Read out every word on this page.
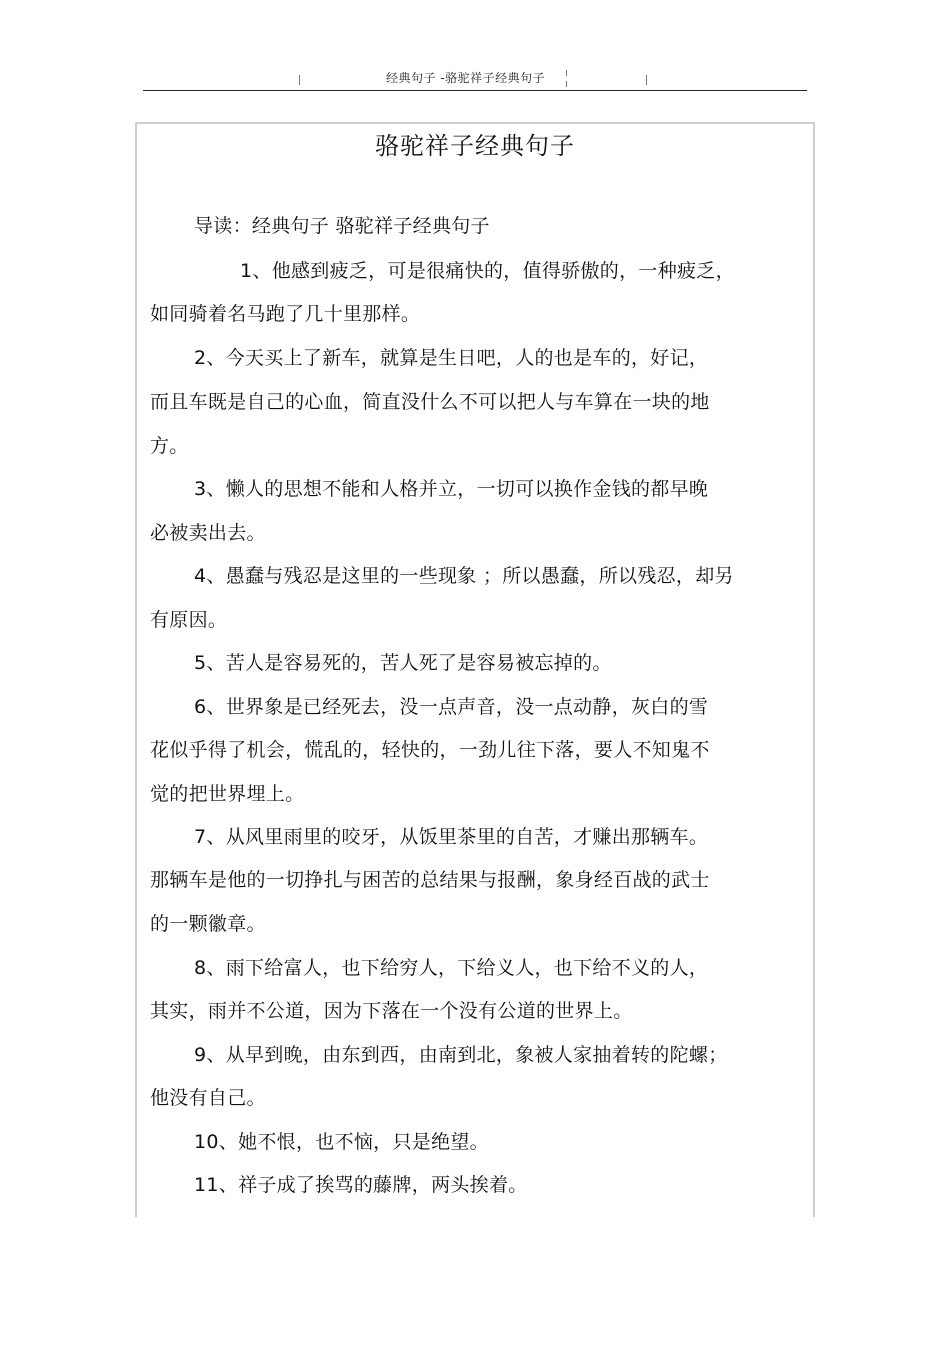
经典句子 -骆驼祥子经典句子
骆驼祥子经典句子
导读：经典句子 骆驼祥子经典句子
1、他感到疲乏，可是很痛快的，值得骄傲的，一种疲乏，
如同骑着名马跑了几十里那样。
2、今天买上了新车，就算是生日吧，人的也是车的，好记，
而且车既是自己的心血，简直没什么不可以把人与车算在一块的地
方。
3、懒人的思想不能和人格并立，一切可以换作金钱的都早晚
必被卖出去。
4、愚蠢与残忍是这里的一些现象 ；所以愚蠢，所以残忍，却另
有原因。
5、苦人是容易死的，苦人死了是容易被忘掉的。
6、世界象是已经死去，没一点声音，没一点动静，灰白的雪
花似乎得了机会，慌乱的，轻快的，一劲儿往下落，要人不知鬼不
觉的把世界埋上。
7、从风里雨里的咬牙，从饭里茶里的自苦，才赚出那辆车。
那辆车是他的一切挣扎与困苦的总结果与报酬，象身经百战的武士
的一颗徽章。
8、雨下给富人，也下给穷人，下给义人，也下给不义的人，
其实，雨并不公道，因为下落在一个没有公道的世界上。
9、从早到晚，由东到西，由南到北，象被人家抽着转的陀螺；
他没有自己。
10、她不恨，也不恼，只是绝望。
11、祥子成了挨骂的藤牌，两头挨着。
